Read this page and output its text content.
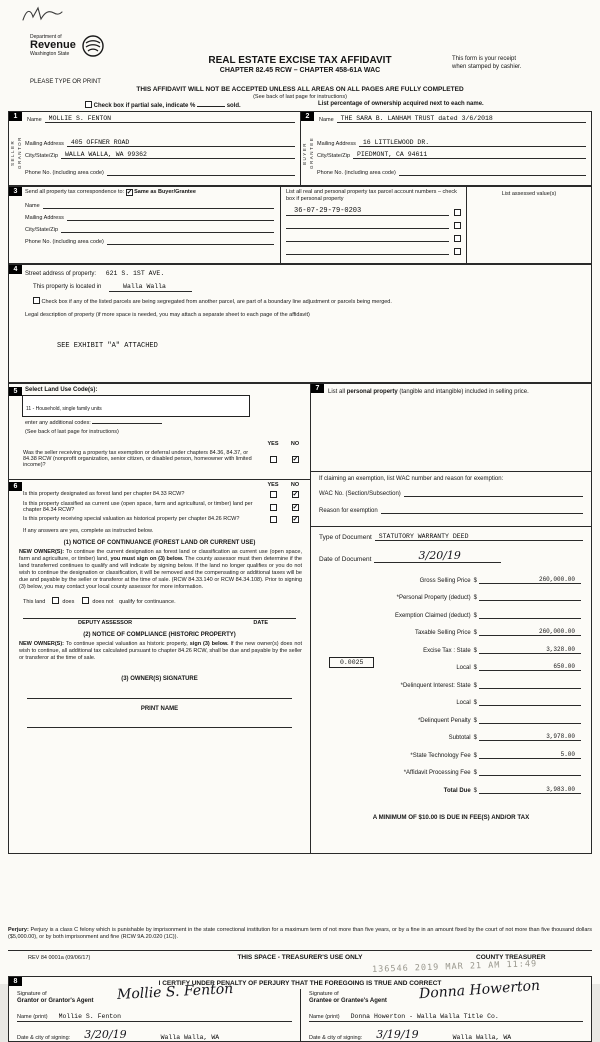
Department of
Revenue
Washington State
REAL ESTATE EXCISE TAX AFFIDAVIT
CHAPTER 82.45 RCW – CHAPTER 458-61A WAC
This form is your receipt
when stamped by cashier.
PLEASE TYPE OR PRINT
THIS AFFIDAVIT WILL NOT BE ACCEPTED UNLESS ALL AREAS ON ALL PAGES ARE FULLY COMPLETED
(See back of last page for instructions)
Check box if partial sale, indicate %	sold.	List percentage of ownership acquired next to each name.
1
SELLER GRANTOR
Name	MOLLIE S. FENTON
Mailing Address	405 OFFNER ROAD
City/State/Zip	WALLA WALLA, WA 99362
Phone No. (including area code)
2
BUYER GRANTEE
Name	THE SARA B. LANHAM TRUST dated 3/6/2018
Mailing Address	16 LITTLEWOOD DR.
City/State/Zip	PIEDMONT, CA 94611
Phone No. (including area code)
3	Send all property tax correspondence to: ✓ Same as Buyer/Grantee
Name
Mailing Address
City/State/Zip
Phone No. (including area code)
List all real and personal property tax parcel account numbers – check box if personal property
36-07-29-79-0203
List assessed value(s)
4
Street address of property: 621 S. 1ST AVE.
This property is located in	Walla Walla
Check box if any of the listed parcels are being segregated from another parcel, are part of a boundary line adjustment or parcels being merged.
Legal description of property (if more space is needed, you may attach a separate sheet to each page of the affidavit)
SEE EXHIBIT "A" ATTACHED
5	Select Land Use Code(s):
11 - Household, single family units
enter any additional codes:
(See back of last page for instructions)
YES	NO
Was the seller receiving a property tax exemption or deferral under chapters 84.36, 84.37, or 84.38 RCW (nonprofit organization, senior citizen, or disabled person, homeowner with limited income)?
✓
6	YES	NO
Is this property designated as forest land per chapter 84.33 RCW?	✓
Is this property classified as current use (open space, farm and agricultural, or timber) land per chapter 84.34 RCW?	✓
Is this property receiving special valuation as historical property per chapter 84.26 RCW?	✓
If any answers are yes, complete as instructed below.
(1) NOTICE OF CONTINUANCE (FOREST LAND OR CURRENT USE)
NEW OWNER(S): To continue the current designation as forest land or classification as current use (open space, farm and agriculture, or timber) land, you must sign on (3) below. The county assessor must then determine if the land transferred continues to qualify and will indicate by signing below. If the land no longer qualifies or you do not wish to continue the designation or classification, it will be removed and the compensating or additional taxes will be due and payable by the seller or transferor at the time of sale. (RCW 84.33.140 or RCW 84.34.108). Prior to signing (3) below, you may contact your local county assessor for more information.
This land	does	does not qualify for continuance.
DEPUTY ASSESSOR	DATE
(2) NOTICE OF COMPLIANCE (HISTORIC PROPERTY)
NEW OWNER(S): To continue special valuation as historic property, sign (3) below. If the new owner(s) does not wish to continue, all additional tax calculated pursuant to chapter 84.26 RCW, shall be due and payable by the seller or transferor at the time of sale.
(3) OWNER(S) SIGNATURE
PRINT NAME
7	List all personal property (tangible and intangible) included in selling price.
If claiming an exemption, list WAC number and reason for exemption:
WAC No. (Section/Subsection)
Reason for exemption
Type of Document	STATUTORY WARRANTY DEED
Date of Document	3/20/19
Gross Selling Price $	260,000.00
*Personal Property (deduct) $
Exemption Claimed (deduct) $
Taxable Selling Price $	260,000.00
Excise Tax : State $	3,328.00
0.0025
Local $	650.00
*Delinquent Interest: State $
Local $
*Delinquent Penalty $
Subtotal $	3,978.00
*State Technology Fee $	5.00
*Affidavit Processing Fee $
Total Due $	3,983.00
A MINIMUM OF $10.00 IS DUE IN FEE(S) AND/OR TAX
8	I CERTIFY UNDER PENALTY OF PERJURY THAT THE FOREGOING IS TRUE AND CORRECT
Signature of
Grantor or Grantor's Agent Mollie S. Fenton
Name (print)	Mollie S. Fenton
Date & city of signing: 3/20/19	Walla Walla, WA
Signature of
Grantee or Grantee's Agent Donna Howerton
Name (print)	Donna Howerton - Walla Walla Title Co.
Date & city of signing: 3/19/19	Walla Walla, WA
Perjury: Perjury is a class C felony which is punishable by imprisonment in the state correctional institution for a maximum term of not more than five years, or by a fine in an amount fixed by the court of not more than five thousand dollars ($5,000.00), or by both imprisonment and fine (RCW 9A.20.020 (1C)).
REV 84 0001a (09/06/17)	THIS SPACE - TREASURER'S USE ONLY	COUNTY TREASURER
136546 2019 MAR 21 AM 11:49
